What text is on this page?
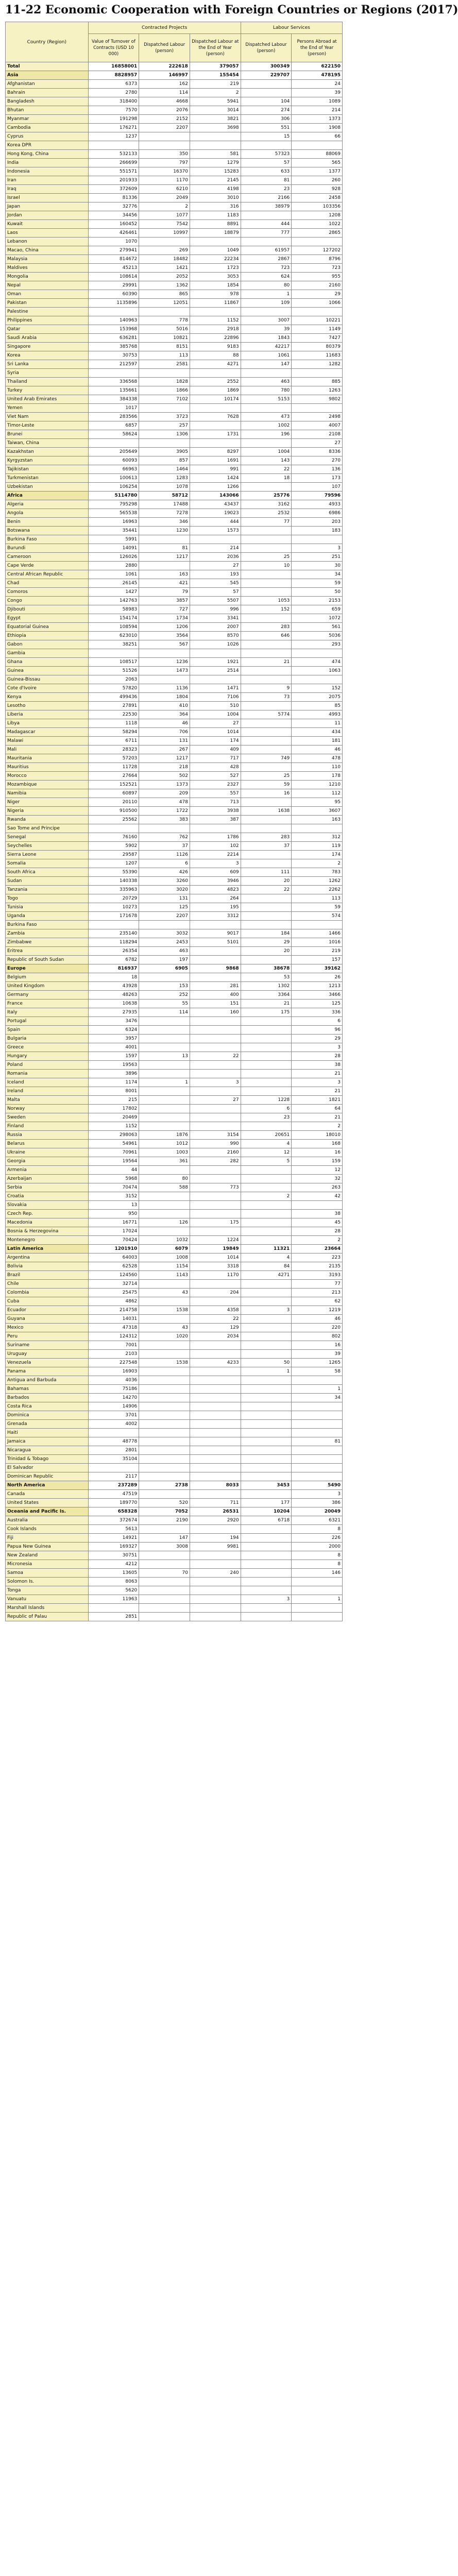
11-22 Economic Cooperation with Foreign Countries or Regions (2017)
Country (Region)	Contracted Projects			Labour Services	
	Value of Turnover of Contracts (USD 10 000)	Dispatched Labour (person)	Dispatched Labour at the End of Year (person)	Dispatched Labour (person)	Persons Abroad at the End of Year (person)
Total	16858001	222618	379057	300349	622150
Asia	8828957	146997	155454	229707	478195
Afghanistan	6373	162	219		24
Bahrain	2780	114	2		39
Bangladesh	318400	4668	5941	104	1089
Bhutan	7570	2076	3014	274	214
Myanmar	191298	2152	3821	306	1373
Cambodia	176271	2207	3698	551	1908
Cyprus	1237			15	66
Korea DPR					
Hong Kong, China	532133	350	581	57323	88069
India	266699	797	1279	57	565
Indonesia	551571	16370	15283	633	1377
Iran	201933	1170	2145	81	260
Iraq	372609	6210	4198	23	928
Israel	81336	2049	3010	2166	2458
Japan	32776	2	316	38979	103356
Jordan	34456	1077	1183		1208
Kuwait	160452	7542	8891	444	1022
Laos	426461	10997	18879	777	2865
Lebanon	1070				
Macao, China	279941	269	1049	61957	127202
Malaysia	814672	18482	22234	2867	8796
Maldives	45213	1421	1723	723	723
Mongolia	108614	2052	3053	624	955
Nepal	29991	1362	1854	80	2160
Oman	60390	865	978	1	29
Pakistan	1135896	12051	11867	109	1066
Palestine					
Philippines	140963	778	1152	3007	10221
Qatar	153968	5016	2918	39	1149
Saudi Arabia	636281	10821	22896	1843	7427
Singapore	385768	8151	9183	42217	80379
Korea	30753	113	88	1061	11683
Sri Lanka	212597	2581	4271	147	1282
Syria					
Thailand	336568	1828	2552	463	885
Turkey	135661	1866	1869	780	1263
United Arab Emirates	384338	7102	10174	5153	9802
Yemen	1017				
Viet Nam	283566	3723	7628	473	2498
Timor-Leste	6857	257		1002	4007
Brunei	58624	1306	1731	196	2108
Taiwan, China					27
Kazakhstan	205649	3905	8297	1004	8336
Kyrgyzstan	60093	857	1691	143	270
Tajikistan	66963	1464	991	22	136
Turkmenistan	100613	1283	1424	18	173
Uzbekistan	106254	1078	1266		107
Africa	5114780	58712	143066	25776	79596
Algeria	795298	17488	43437	3162	4933
Angola	565538	7278	19023	2532	6986
Benin	16963	346	444	77	203
Botswana	35441	1230	1573		183
Burkina Faso	5991				
Burundi	14091	81	214		3
Cameroon	126026	1217	2036	25	251
Cape Verde	2880		27	10	30
Central African Republic	1061	163	193		34
Chad	26145	421	545		59
Comoros	1427	79	57		50
Congo	142763	3857	5507	1053	2153
Djibouti	58983	727	996	152	659
Egypt	154174	1734	3341		1072
Equatorial Guinea	108594	1206	2007	283	561
Ethiopia	623010	3564	8570	646	5036
Gabon	38251	567	1026		293
Gambia					
Ghana	108517	1236	1921	21	474
Guinea	51526	1473	2514		1063
Guinea-Bissau	2063				
Cote d'Ivoire	57820	1136	1471	9	152
Kenya	499436	1804	7106	73	2075
Lesotho	27891	410	510		85
Liberia	22530	364	1004	5774	4993
Libya	1118	46	27		11
Madagascar	58294	706	1014		434
Malawi	6711	131	174		181
Mali	28323	267	409		46
Mauritania	57203	1217	717	749	478
Mauritius	11728	218	428		110
Morocco	27664	502	527	25	178
Mozambique	152521	1373	2327	59	1210
Namibia	60897	209	557	16	112
Niger	20110	478	713		95
Nigeria	910500	1722	3938	1638	3607
Rwanda	25562	383	387		163
Sao Tome and Principe					
Senegal	76160	762	1786	283	312
Seychelles	5902	37	102	37	119
Sierra Leone	29587	1126	2214		174
Somalia	1207	6	3		2
South Africa	55390	426	609	111	783
Sudan	140338	3260	3946	20	1262
Tanzania	335963	3020	4823	22	2262
Togo	20729	131	264		113
Tunisia	10273	125	195		59
Uganda	171678	2207	3312		574
Burkina Faso					
Zambia	235140	3032	9017	184	1466
Zimbabwe	118294	2453	5101	29	1016
Eritrea	26354	463		20	219
Republic of South Sudan	6782	197			157
Europe	816937	6905	9868	38678	39162
Belgium	18			53	26
United Kingdom	43928	153	281	1302	1213
Germany	48263	252	400	3364	3466
France	10638	55	151	21	125
Italy	27935	114	160	175	336
Portugal	3476				6
Spain	6324				96
Bulgaria	3957				29
Greece	4001				3
Hungary	1597	13	22		28
Poland	19563				38
Romania	3896				21
Iceland	1174	1	3		3
Ireland	8001				21
Malta	215		27	1228	1821
Norway	17802			6	64
Sweden	20469			23	21
Finland	1152				2
Russia	298063	1876	3154	20651	18010
Belarus	54961	1012	990	4	168
Ukraine	70961	1003	2160	12	16
Georgia	19564	361	282	5	159
Armenia	44				12
Azerbaijan	5968	80			32
Serbia	70474	588	773		263
Croatia	3152			2	42
Slovakia	13				
Czech Rep.	950				38
Macedonia	16771	126	175		45
Bosnia & Herzegovina	17024				28
Montenegro	70424	1032	1224		2
Latin America	1201910	6079	19849	11321	23664
Argentina	64003	1008	1014	4	223
Bolivia	62528	1154	3318	84	2135
Brazil	124560	1143	1170	4271	3193
Chile	32714				77
Colombia	25475	43	204		213
Cuba	4862				62
Ecuador	214758	1538	4358	3	1219
Guyana	14031		22		46
Mexico	47318	43	129		220
Peru	124312	1020	2034		802
Suriname	7001				16
Uruguay	2103				39
Venezuela	227548	1538	4233	50	1265
Panama	16903			1	58
Antigua and Barbuda	4036				
Bahamas	75186				1
Barbados	14270				34
Costa Rica	14906				
Dominica	3701				
Grenada	4002				
Haiti					
Jamaica	48778				81
Nicaragua	2801				
Trinidad & Tobago	35104				
El Salvador					
Dominican Republic	2117				
North America	237289	2738	8033	3453	5490
Canada	47519				3
United States	189770	520	711	177	386
Oceania and Pacific Is.	658328	7052	26531	10204	20049
Australia	372674	2190	2920	6718	6321
Cook Islands	5613				8
Fiji	14921	147	194		226
Papua New Guinea	169327	3008	9981		2000
New Zealand	30751				8
Micronesia	4212				8
Samoa	13605	70	240		146
Solomon Is.	8063				
Tonga	5620				
Vanuatu	11963			3	1
Marshall Islands					
Republic of Palau	2851				
